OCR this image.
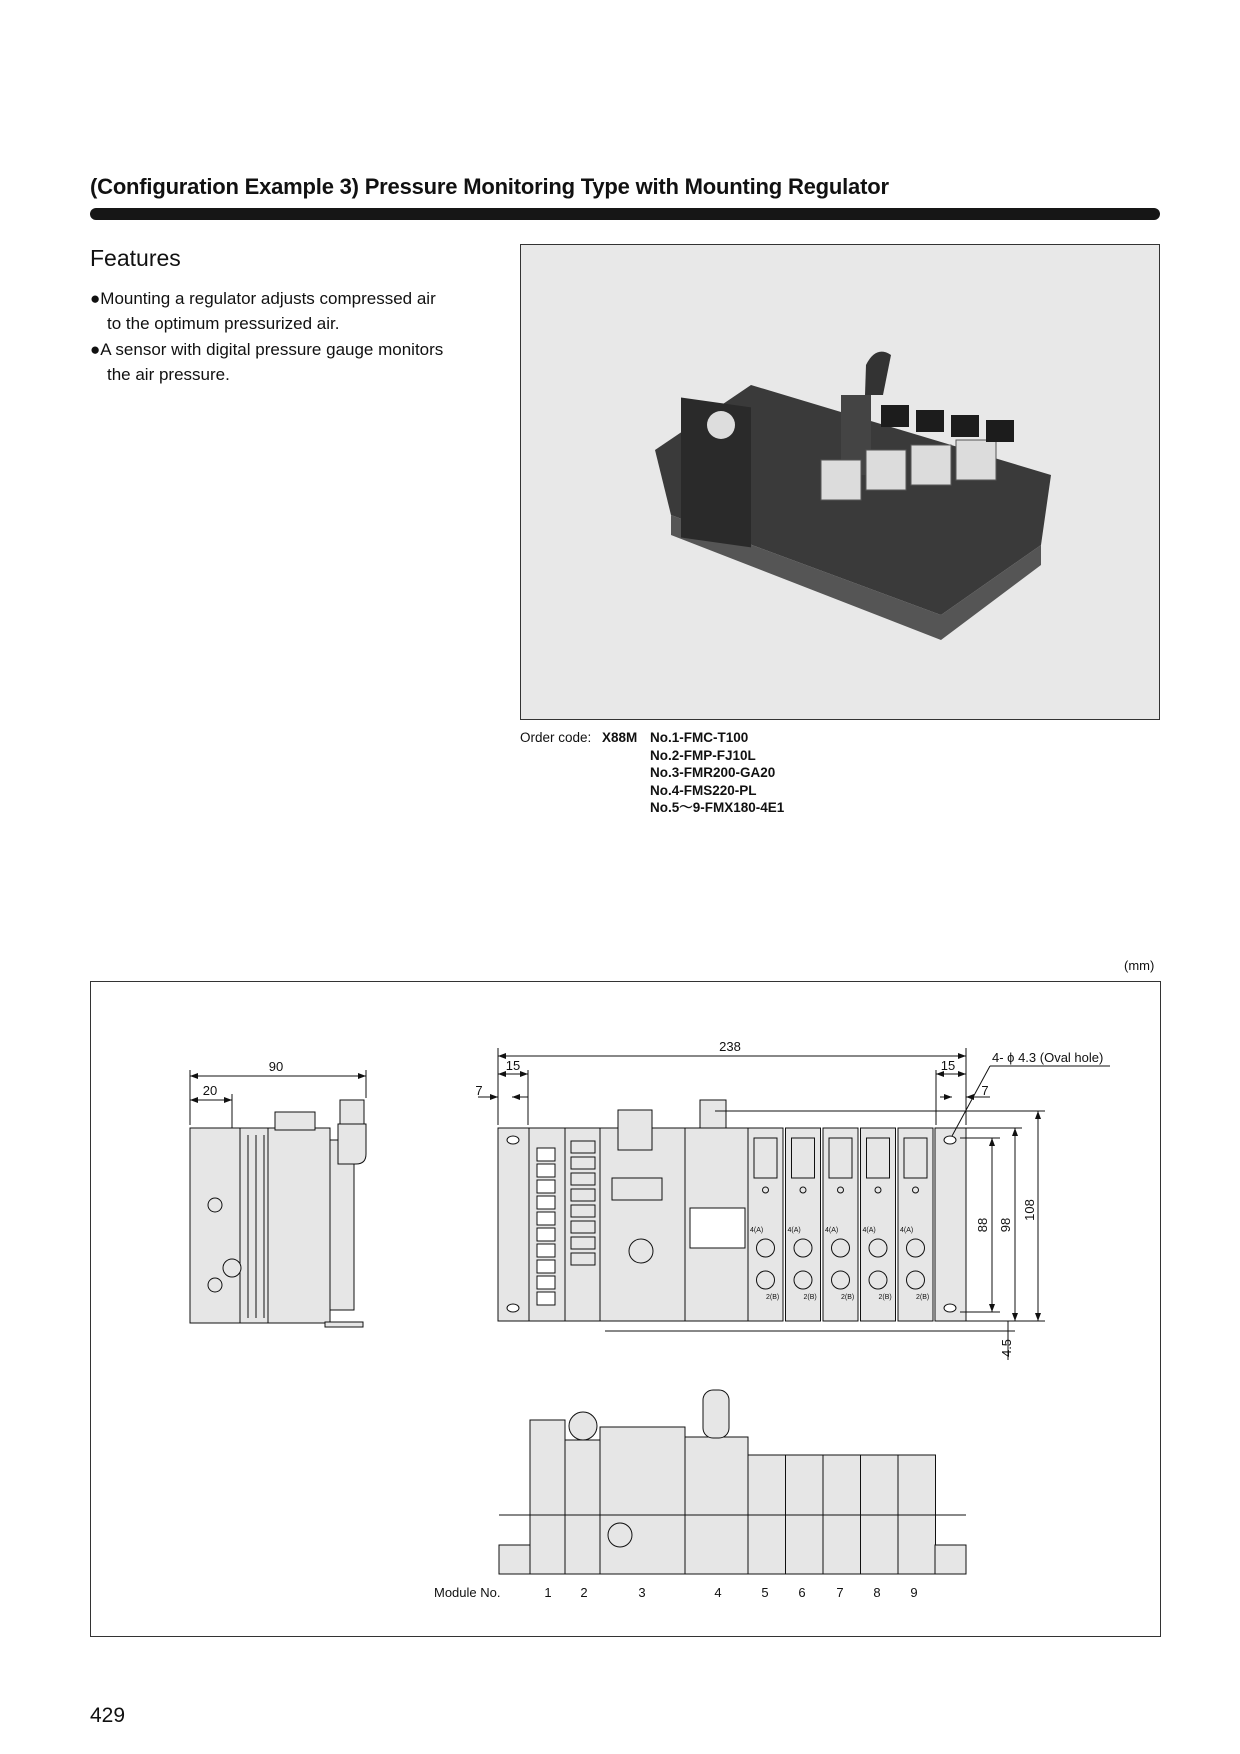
(Configuration Example 3) Pressure Monitoring Type with Mounting Regulator
Features
●Mounting a regulator adjusts compressed air
to the optimum pressurized air.
●A sensor with digital pressure gauge monitors
the air pressure.
Order code: X88M No.1-FMC-T100
No.2-FMP-FJ10L
No.3-FMR200-GA20
No.4-FMS220-PL
No.5〜9-FMX180-4E1
(mm)
4(A)	4(A)	4(A)	4(A)	4(A)
2(B)	2(B)	2(B)	2(B)	2(B)
90
20
238
15	15
7	7
4- ϕ 4.3 (Oval hole)
88 98
108
4.5
Module No.	1 2	3	4	5 6 7 8 9
429
